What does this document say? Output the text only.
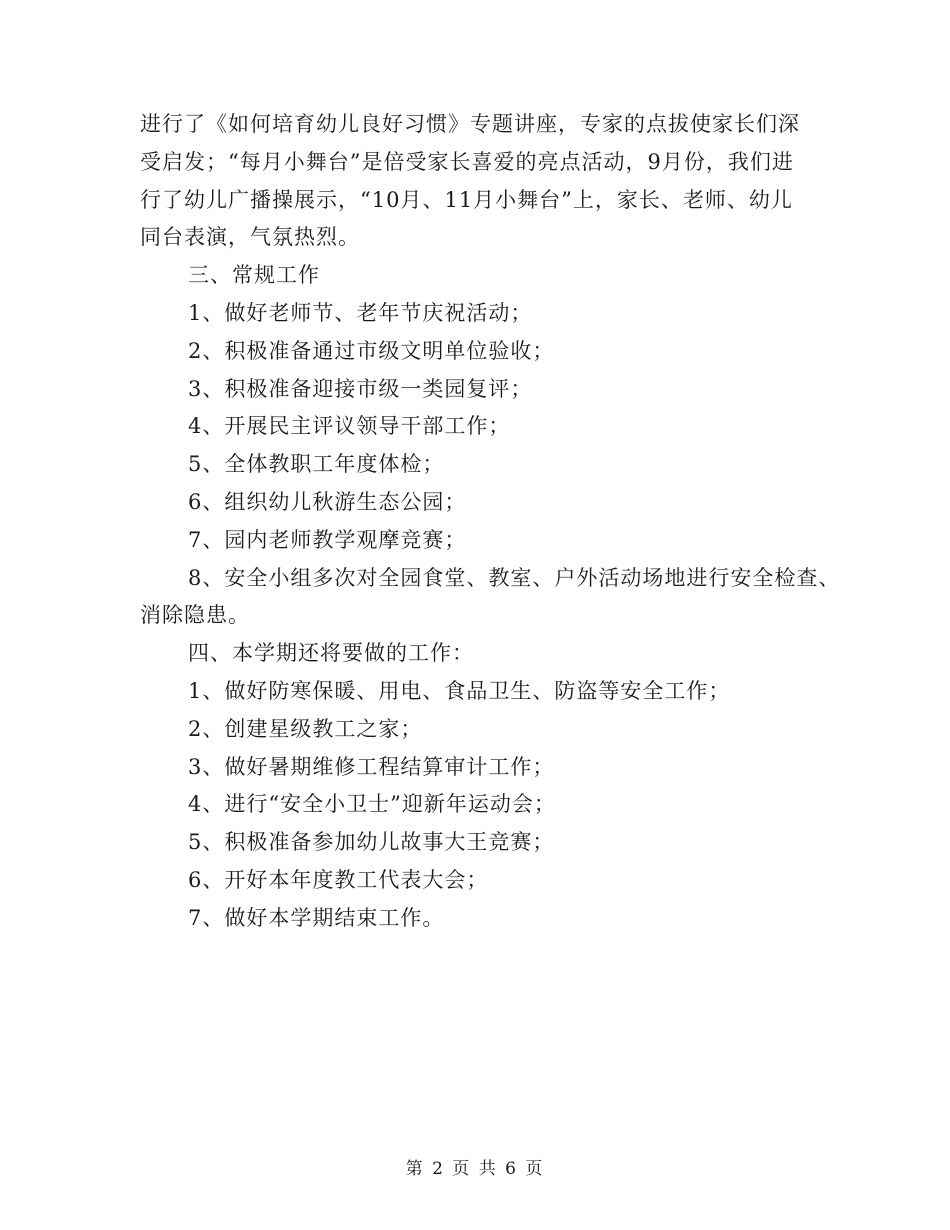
进行了《如何培育幼儿良好习惯》专题讲座，专家的点拔使家长们深
受启发；“每月小舞台”是倍受家长喜爱的亮点活动，9月份，我们进
行了幼儿广播操展示，“10月、11月小舞台”上，家长、老师、幼儿
同台表演，气氛热烈。
三、常规工作
1、做好老师节、老年节庆祝活动；
2、积极准备通过市级文明单位验收；
3、积极准备迎接市级一类园复评；
4、开展民主评议领导干部工作；
5、全体教职工年度体检；
6、组织幼儿秋游生态公园；
7、园内老师教学观摩竞赛；
8、安全小组多次对全园食堂、教室、户外活动场地进行安全检查、
消除隐患。
四、本学期还将要做的工作：
1、做好防寒保暖、用电、食品卫生、防盗等安全工作；
2、创建星级教工之家；
3、做好暑期维修工程结算审计工作；
4、进行“安全小卫士”迎新年运动会；
5、积极准备参加幼儿故事大王竞赛；
6、开好本年度教工代表大会；
7、做好本学期结束工作。
第 2 页 共 6 页
